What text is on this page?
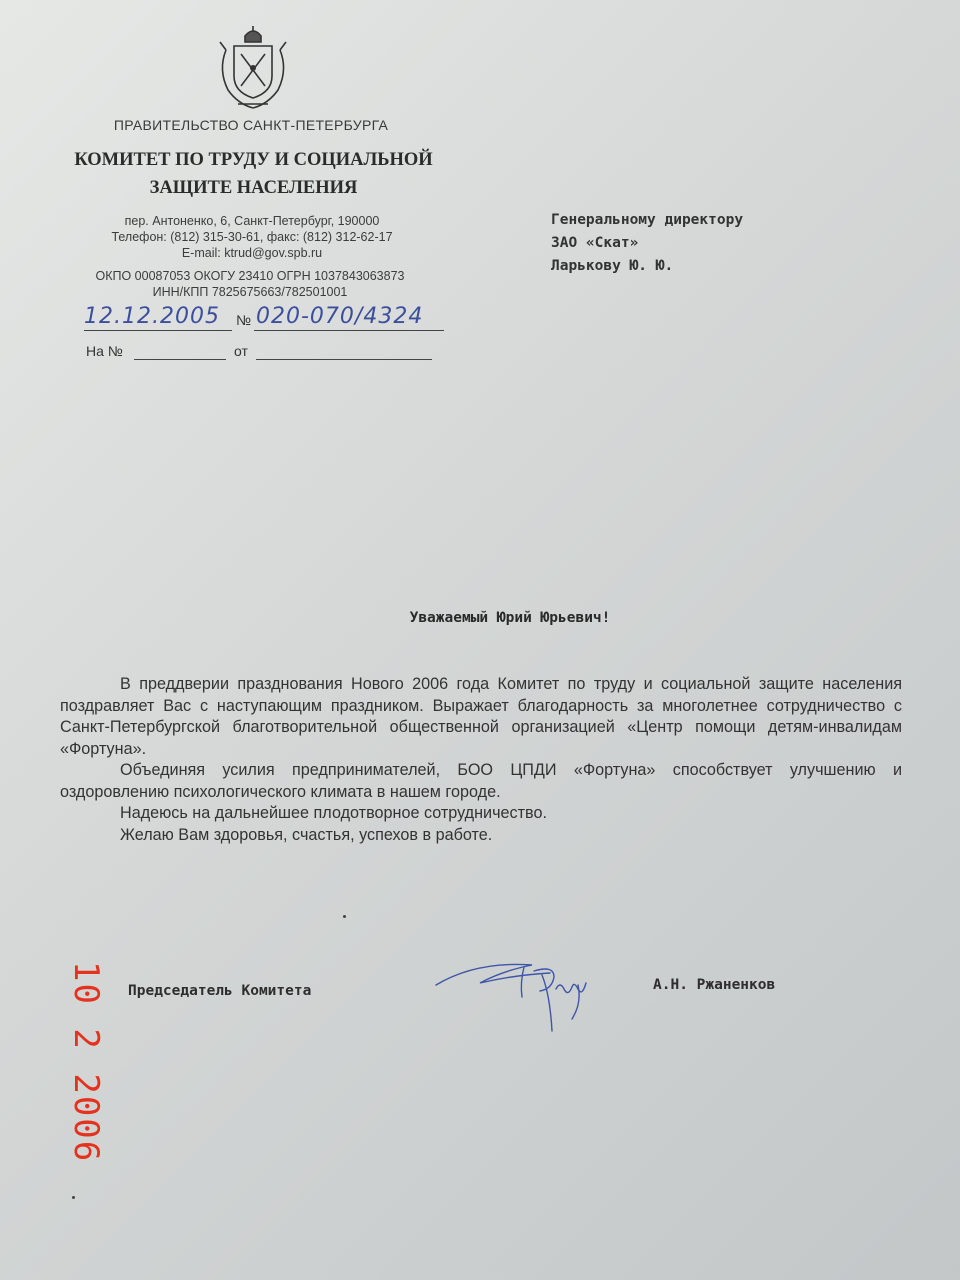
ПРАВИТЕЛЬСТВО САНКТ-ПЕТЕРБУРГА
КОМИТЕТ ПО ТРУДУ И СОЦИАЛЬНОЙ
ЗАЩИТЕ НАСЕЛЕНИЯ
пер. Антоненко, 6, Санкт-Петербург, 190000
Телефон: (812) 315-30-61, факс: (812) 312-62-17
E-mail: ktrud@gov.spb.ru
ОКПО 00087053 ОКОГУ 23410 ОГРН 1037843063873
ИНН/КПП 7825675663/782501001
12.12.2005 № 020-070/4324
На №	от
Генеральному директору
ЗАО «Скат»
Ларькову Ю. Ю.
Уважаемый Юрий Юрьевич!

В преддверии празднования Нового 2006 года Комитет по труду и социальной защите населения поздравляет Вас с наступающим праздником. Выражает благодарность за многолетнее сотрудничество с Санкт-Петербургской благотворительной общественной организацией «Центр помощи детям-инвалидам «Фортуна».

Объединяя усилия предпринимателей, БОО ЦПДИ «Фортуна» способствует улучшению и оздоровлению психологического климата в нашем городе.

Надеюсь на дальнейшее плодотворное сотрудничество.

Желаю Вам здоровья, счастья, успехов в работе.

Председатель Комитета	А.Н. Ржаненков
10 2 2006
